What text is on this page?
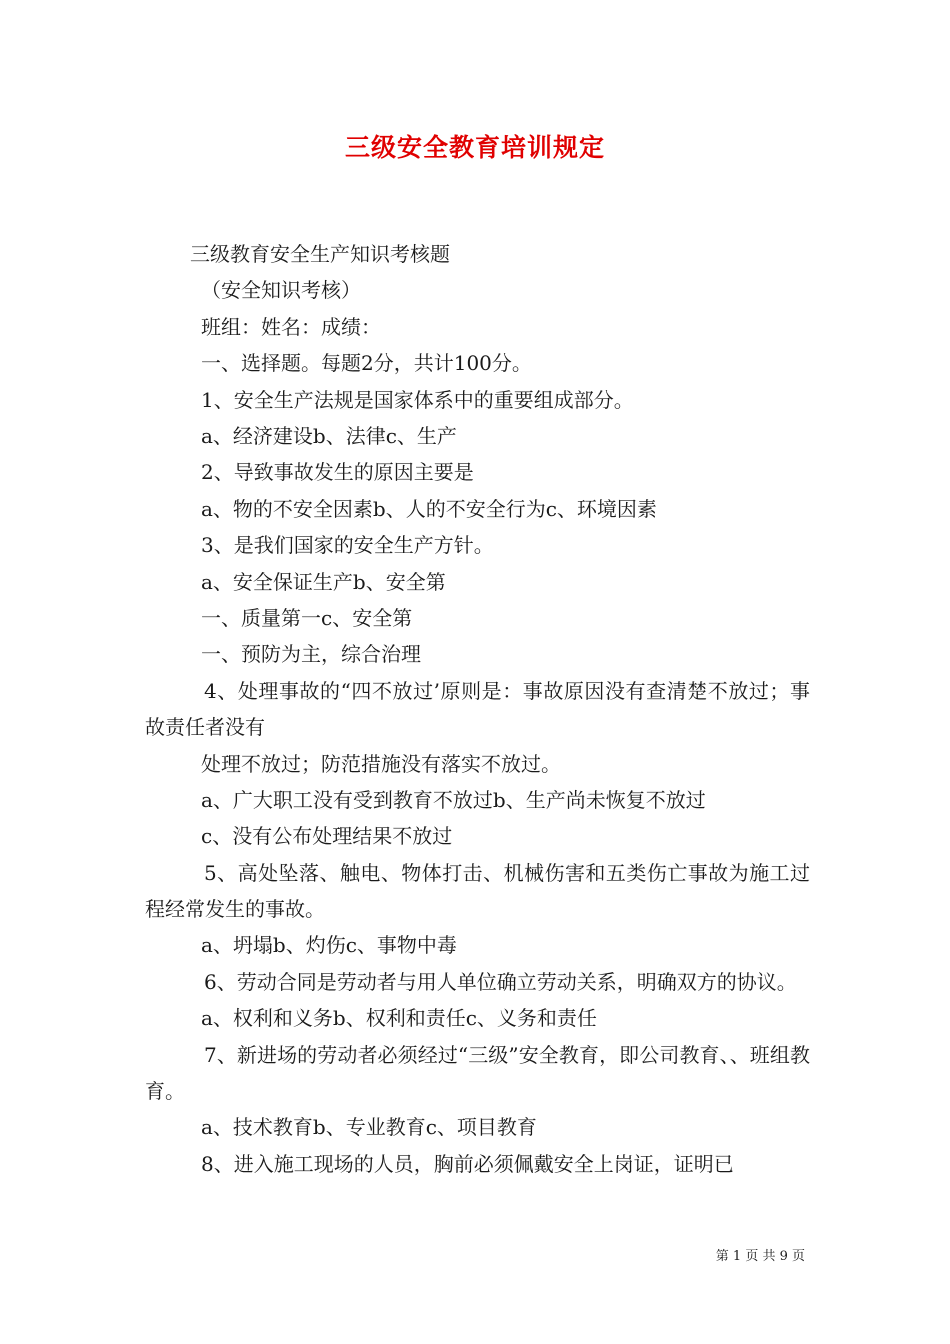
三级安全教育培训规定
三级教育安全生产知识考核题
（安全知识考核）
班组：姓名：成绩：
一、选择题。每题2分，共计100分。
1、安全生产法规是国家体系中的重要组成部分。
a、经济建设b、法律c、生产
2、导致事故发生的原因主要是
a、物的不安全因素b、人的不安全行为c、环境因素
3、是我们国家的安全生产方针。
a、安全保证生产b、安全第
一、质量第一c、安全第
一、预防为主，综合治理
4、处理事故的“四不放过’原则是：事故原因没有查清楚不放过；事故责任者没有
处理不放过；防范措施没有落实不放过。
a、广大职工没有受到教育不放过b、生产尚未恢复不放过
c、没有公布处理结果不放过
5、高处坠落、触电、物体打击、机械伤害和五类伤亡事故为施工过程经常发生的事故。
a、坍塌b、灼伤c、事物中毒
6、劳动合同是劳动者与用人单位确立劳动关系，明确双方的协议。
a、权利和义务b、权利和责任c、义务和责任
7、新进场的劳动者必须经过“三级”安全教育，即公司教育、、班组教育。
a、技术教育b、专业教育c、项目教育
8、进入施工现场的人员，胸前必须佩戴安全上岗证，证明已
第 1 页 共 9 页
